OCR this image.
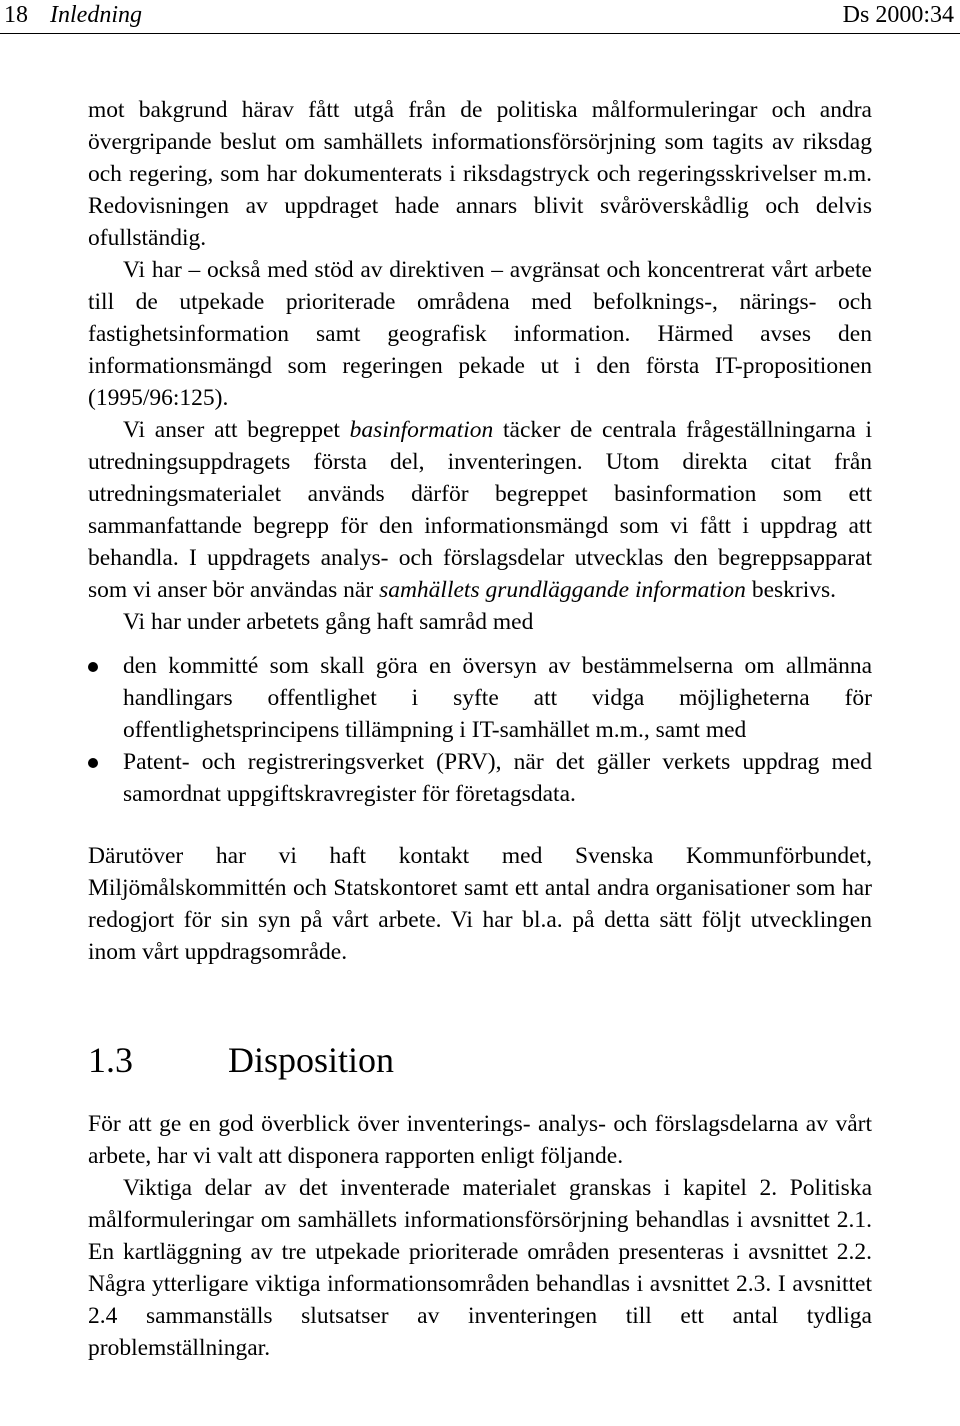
18 Inledning	Ds 2000:34

mot bakgrund härav fått utgå från de politiska målformuleringar och andra övergripande beslut om samhällets informationsförsörjning som tagits av riksdag och regering, som har dokumenterats i riksdagstryck och regeringsskrivelser m.m. Redovisningen av uppdraget hade annars blivit svåröverskådlig och delvis ofullständig.

Vi har – också med stöd av direktiven – avgränsat och koncentrerat vårt arbete till de utpekade prioriterade områdena med befolknings-, närings- och fastighetsinformation samt geografisk information. Härmed avses den informationsmängd som regeringen pekade ut i den första IT-propositionen (1995/96:125).

Vi anser att begreppet basinformation täcker de centrala frågeställningarna i utredningsuppdragets första del, inventeringen. Utom direkta citat från utredningsmaterialet används därför begreppet basinformation som ett sammanfattande begrepp för den informationsmängd som vi fått i uppdrag att behandla. I uppdragets analys- och förslagsdelar utvecklas den begreppsapparat som vi anser bör användas när samhällets grundläggande information beskrivs.

Vi har under arbetets gång haft samråd med

den kommitté som skall göra en översyn av bestämmelserna om allmänna handlingars offentlighet i syfte att vidga möjligheterna för offentlighetsprincipens tillämpning i IT-samhället m.m., samt med
Patent- och registreringsverket (PRV), när det gäller verkets uppdrag med samordnat uppgiftskravregister för företagsdata.

Därutöver har vi haft kontakt med Svenska Kommunförbundet, Miljömålskommittén och Statskontoret samt ett antal andra organisationer som har redogjort för sin syn på vårt arbete. Vi har bl.a. på detta sätt följt utvecklingen inom vårt uppdragsområde.

1.3	Disposition

För att ge en god överblick över inventerings- analys- och förslagsdelarna av vårt arbete, har vi valt att disponera rapporten enligt följande.

Viktiga delar av det inventerade materialet granskas i kapitel 2. Politiska målformuleringar om samhällets informationsförsörjning behandlas i avsnittet 2.1. En kartläggning av tre utpekade prioriterade områden presenteras i avsnittet 2.2. Några ytterligare viktiga informationsområden behandlas i avsnittet 2.3. I avsnittet 2.4 sammanställs slutsatser av inventeringen till ett antal tydliga problemställningar.
